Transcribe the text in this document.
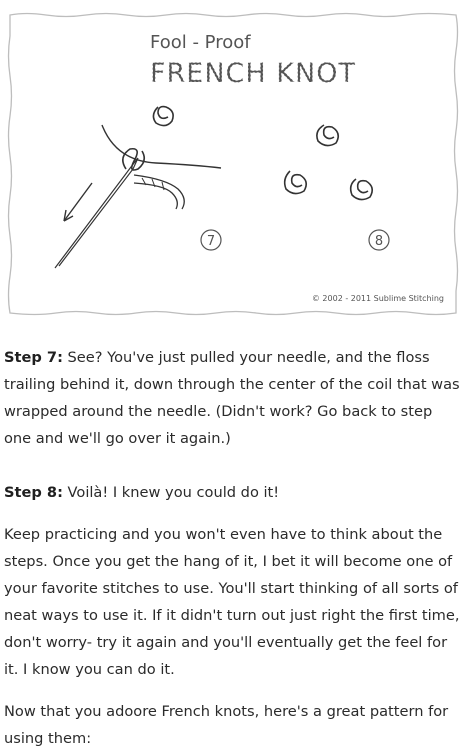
Fool - Proof
FRENCH KNOT
7	8
© 2002 - 2011 Sublime Stitching

Step 7: See? You've just pulled your needle, and the floss trailing behind it, down through the center of the coil that was wrapped around the needle. (Didn't work? Go back to step one and we'll go over it again.)

Step 8: Voilà! I knew you could do it!

Keep practicing and you won't even have to think about the steps. Once you get the hang of it, I bet it will become one of your favorite stitches to use. You'll start thinking of all sorts of neat ways to use it. If it didn't turn out just right the first time, don't worry- try it again and you'll eventually get the feel for it. I know you can do it.

Now that you adoore French knots, here's a great pattern for using them:
